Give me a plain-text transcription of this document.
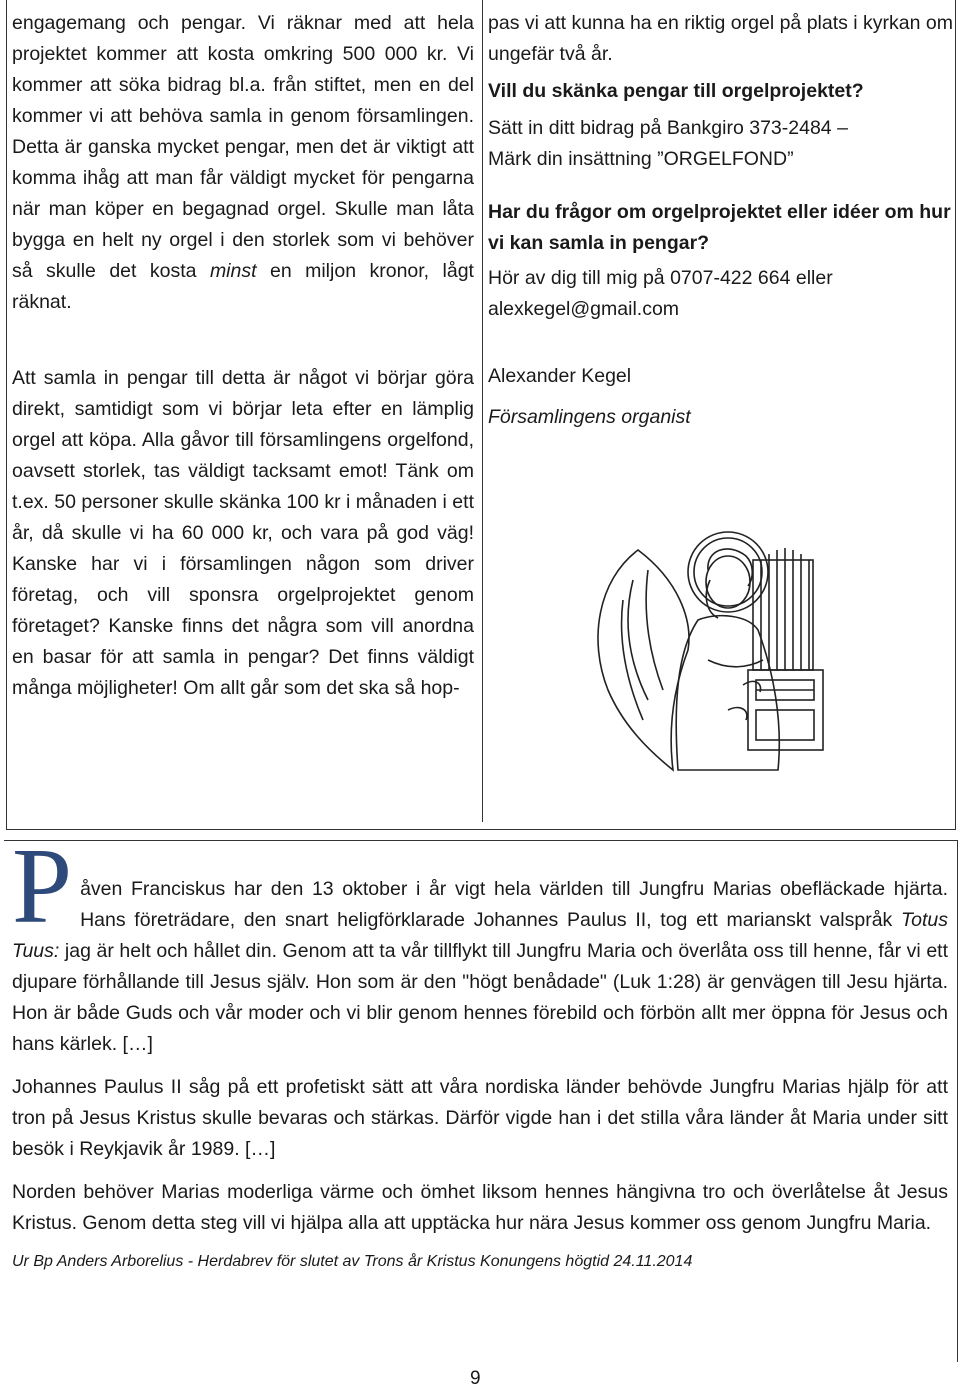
engagemang och pengar. Vi räknar med att hela projektet kommer att kosta omkring 500 000 kr. Vi kommer att söka bidrag bl.a. från stiftet, men en del kommer vi att behöva samla in genom församlingen. Detta är ganska mycket pengar, men det är viktigt att komma ihåg att man får väldigt mycket för pengarna när man köper en begagnad orgel. Skulle man låta bygga en helt ny orgel i den storlek som vi behöver så skulle det kosta minst en miljon kronor, lågt räknat.

Att samla in pengar till detta är något vi börjar göra direkt, samtidigt som vi börjar leta efter en lämplig orgel att köpa. Alla gåvor till församlingens orgelfond, oavsett storlek, tas väldigt tacksamt emot! Tänk om t.ex. 50 personer skulle skänka 100 kr i månaden i ett år, då skulle vi ha 60 000 kr, och vara på god väg! Kanske har vi i församlingen någon som driver företag, och vill sponsra orgelprojektet genom företaget? Kanske finns det några som vill anordna en basar för att samla in pengar? Det finns väldigt många möjligheter! Om allt går som det ska så hop-

pas vi att kunna ha en riktig orgel på plats i kyrkan om ungefär två år.

Vill du skänka pengar till orgelprojektet?

Sätt in ditt bidrag på Bankgiro 373-2484 –

Märk din insättning ”ORGELFOND”

Har du frågor om orgelprojektet eller idéer om hur vi kan samla in pengar?

Hör av dig till mig på 0707-422 664 eller alexkegel@gmail.com

Alexander Kegel

Församlingens organist

Påven Franciskus har den 13 oktober i år vigt hela världen till Jungfru Marias obefläckade hjärta. Hans företrädare, den snart heligförklarade Johannes Paulus II, tog ett marianskt valspråk Totus Tuus: jag är helt och hållet din. Genom att ta vår tillflykt till Jungfru Maria och överlåta oss till henne, får vi ett djupare förhållande till Jesus själv. Hon som är den "högt benådade" (Luk 1:28) är genvägen till Jesu hjärta. Hon är både Guds och vår moder och vi blir genom hennes förebild och förbön allt mer öppna för Jesus och hans kärlek. […]

Johannes Paulus II såg på ett profetiskt sätt att våra nordiska länder behövde Jungfru Marias hjälp för att tron på Jesus Kristus skulle bevaras och stärkas. Därför vigde han i det stilla våra länder åt Maria under sitt besök i Reykjavik år 1989. […]

Norden behöver Marias moderliga värme och ömhet liksom hennes hängivna tro och överlåtelse åt Jesus Kristus. Genom detta steg vill vi hjälpa alla att upptäcka hur nära Jesus kommer oss genom Jungfru Maria.

Ur Bp Anders Arborelius - Herdabrev för slutet av Trons år Kristus Konungens högtid 24.11.2014

9
